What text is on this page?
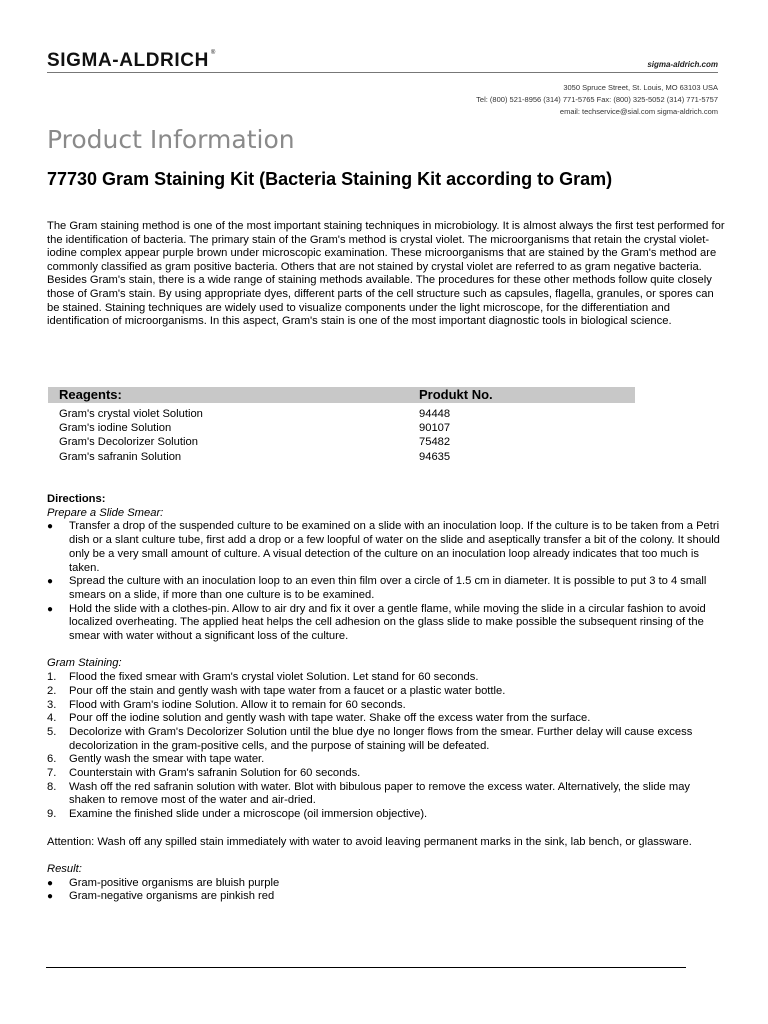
SIGMA-ALDRICH ®
sigma-aldrich.com
3050 Spruce Street, St. Louis, MO 63103 USA
Tel: (800) 521-8956 (314) 771-5765 Fax: (800) 325-5052 (314) 771-5757
email: techservice@sial.com sigma-aldrich.com
Product Information
77730 Gram Staining Kit (Bacteria Staining Kit according to Gram)

The Gram staining method is one of the most important staining techniques in microbiology. It is almost always the first test performed for the identification of bacteria. The primary stain of the Gram's method is crystal violet. The microorganisms that retain the crystal violet-iodine complex appear purple brown under microscopic examination. These microorganisms that are stained by the Gram's method are commonly classified as gram positive bacteria. Others that are not stained by crystal violet are referred to as gram negative bacteria. Besides Gram's stain, there is a wide range of staining methods available. The procedures for these other methods follow quite closely those of Gram's stain. By using appropriate dyes, different parts of the cell structure such as capsules, flagella, granules, or spores can be stained. Staining techniques are widely used to visualize components under the light microscope, for the differentiation and identification of microorganisms. In this aspect, Gram's stain is one of the most important diagnostic tools in biological science.

Reagents:	Produkt No.
Gram's crystal violet Solution	94448
Gram's iodine Solution	90107
Gram's Decolorizer Solution	75482
Gram's safranin Solution	94635
Directions:
Prepare a Slide Smear:
●	Transfer a drop of the suspended culture to be examined on a slide with an inoculation loop. If the culture is to be taken from a Petri dish or a slant culture tube, first add a drop or a few loopful of water on the slide and aseptically transfer a bit of the colony. It should only be a very small amount of culture. A visual detection of the culture on an inoculation loop already indicates that too much is taken.
●	Spread the culture with an inoculation loop to an even thin film over a circle of 1.5 cm in diameter. It is possible to put 3 to 4 small smears on a slide, if more than one culture is to be examined.
●	Hold the slide with a clothes-pin. Allow to air dry and fix it over a gentle flame, while moving the slide in a circular fashion to avoid localized overheating. The applied heat helps the cell adhesion on the glass slide to make possible the subsequent rinsing of the smear with water without a significant loss of the culture.
Gram Staining:
1. Flood the fixed smear with Gram's crystal violet Solution. Let stand for 60 seconds.
2. Pour off the stain and gently wash with tape water from a faucet or a plastic water bottle.
3. Flood with Gram's iodine Solution. Allow it to remain for 60 seconds.
4. Pour off the iodine solution and gently wash with tape water. Shake off the excess water from the surface.
5. Decolorize with Gram's Decolorizer Solution until the blue dye no longer flows from the smear. Further delay will cause excess decolorization in the gram-positive cells, and the purpose of staining will be defeated.
6. Gently wash the smear with tape water.
7. Counterstain with Gram's safranin Solution for 60 seconds.
8. Wash off the red safranin solution with water. Blot with bibulous paper to remove the excess water. Alternatively, the slide may shaken to remove most of the water and air-dried.
9. Examine the finished slide under a microscope (oil immersion objective).
Attention: Wash off any spilled stain immediately with water to avoid leaving permanent marks in the sink, lab bench, or glassware.
Result:
●	Gram-positive organisms are bluish purple
●	Gram-negative organisms are pinkish red
